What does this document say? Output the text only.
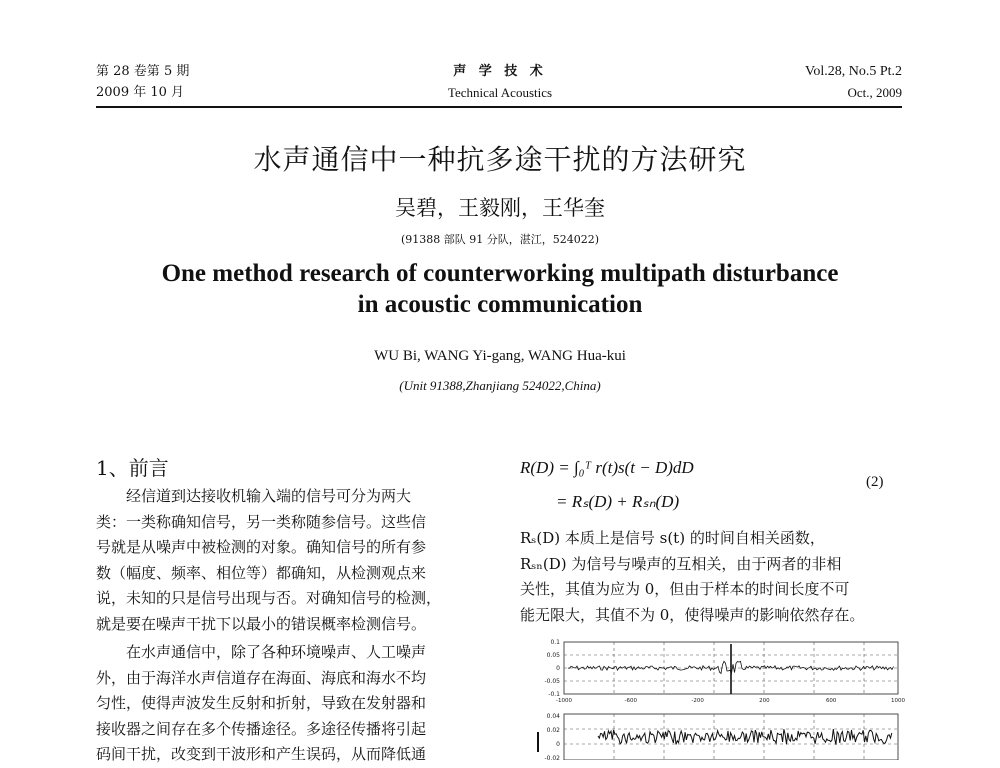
第 28 卷第 5 期
2009 年 10 月
声 学 技 术
Technical Acoustics
Vol.28, No.5 Pt.2
Oct., 2009
水声通信中一种抗多途干扰的方法研究
吴碧，王毅刚，王华奎
(91388 部队 91 分队，湛江，524022)
One method research of counterworking multipath disturbance
in acoustic communication
WU Bi, WANG Yi-gang, WANG Hua-kui
(Unit 91388,Zhanjiang 524022,China)
1、前言

　　经信道到达接收机输入端的信号可分为两大

类：一类称确知信号，另一类称随参信号。这些信

号就是从噪声中被检测的对象。确知信号的所有参

数（幅度、频率、相位等）都确知，从检测观点来

说，未知的只是信号出现与否。对确知信号的检测，

就是要在噪声干扰下以最小的错误概率检测信号。

　　在水声通信中，除了各种环境噪声、人工噪声

外，由于海洋水声信道存在海面、海底和海水不均

匀性，使得声波发生反射和折射，导致在发射器和

接收器之间存在多个传播途径。多途径传播将引起

码间干扰，改变到干波形和产生误码，从而降低通

R(D) = ∫₀ᵀ r(t)s(t − D)dD
= Rₛ(D) + Rₛₙ(D)
(2)

Rₛ(D) 本质上是信号 s(t) 的时间自相关函数，

Rₛₙ(D) 为信号与噪声的互相关，由于两者的非相

关性，其值为应为 0，但由于样本的时间长度不可

能无限大，其值不为 0，使得噪声的影响依然存在。

0.1
0.05
0
-0.05
-0.1
-1000	-600	-200	200	600	1000
0.04
0.02
0
-0.02
